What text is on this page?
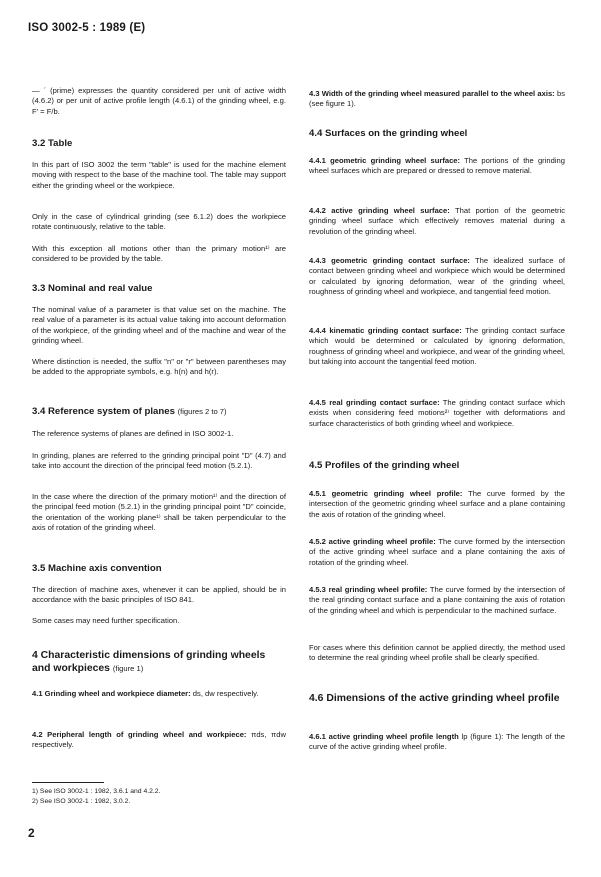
ISO 3002-5 : 1989 (E)
— ´ (prime) expresses the quantity considered per unit of active width (4.6.2) or per unit of active profile length (4.6.1) of the grinding wheel, e.g. F′ = F/b.
3.2 Table
In this part of ISO 3002 the term "table" is used for the machine element moving with respect to the base of the machine tool. The table may support either the grinding wheel or the workpiece.
Only in the case of cylindrical grinding (see 6.1.2) does the workpiece rotate continuously, relative to the table.
With this exception all motions other than the primary motion¹⁾ are considered to be provided by the table.
3.3 Nominal and real value
The nominal value of a parameter is that value set on the machine. The real value of a parameter is its actual value taking into account deformation of the workpiece, of the grinding wheel and of the machine and wear of the grinding wheel.
Where distinction is needed, the suffix "n" or "r" between parentheses may be added to the appropriate symbols, e.g. h(n) and h(r).
3.4 Reference system of planes (figures 2 to 7)
The reference systems of planes are defined in ISO 3002-1.
In grinding, planes are referred to the grinding principal point "D" (4.7) and take into account the direction of the principal feed motion (5.2.1).
In the case where the direction of the primary motion¹⁾ and the direction of the principal feed motion (5.2.1) in the grinding principal point "D" coincide, the orientation of the working plane¹⁾ shall be taken perpendicular to the axis of rotation of the grinding wheel.
3.5 Machine axis convention
The direction of machine axes, whenever it can be applied, should be in accordance with the basic principles of ISO 841.
Some cases may need further specification.
4 Characteristic dimensions of grinding wheels and workpieces (figure 1)
4.1 Grinding wheel and workpiece diameter: ds, dw respectively.
4.2 Peripheral length of grinding wheel and workpiece: πds, πdw respectively.
4.3 Width of the grinding wheel measured parallel to the wheel axis: bs (see figure 1).
4.4 Surfaces on the grinding wheel
4.4.1 geometric grinding wheel surface: The portions of the grinding wheel surfaces which are prepared or dressed to remove material.
4.4.2 active grinding wheel surface: That portion of the geometric grinding wheel surface which effectively removes material during a revolution of the grinding wheel.
4.4.3 geometric grinding contact surface: The idealized surface of contact between grinding wheel and workpiece which would be determined or calculated by ignoring deformation, wear of the grinding wheel, roughness of grinding wheel and workpiece, and tangential feed motion.
4.4.4 kinematic grinding contact surface: The grinding contact surface which would be determined or calculated by ignoring deformation, roughness of grinding wheel and workpiece, and wear of the grinding wheel, but taking into account the tangential feed motion.
4.4.5 real grinding contact surface: The grinding contact surface which exists when considering feed motions²⁾ together with deformations and surface characteristics of both grinding wheel and workpiece.
4.5 Profiles of the grinding wheel
4.5.1 geometric grinding wheel profile: The curve formed by the intersection of the geometric grinding wheel surface and a plane containing the axis of rotation of the grinding wheel.
4.5.2 active grinding wheel profile: The curve formed by the intersection of the active grinding wheel surface and a plane containing the axis of rotation of the grinding wheel.
4.5.3 real grinding wheel profile: The curve formed by the intersection of the real grinding contact surface and a plane containing the axis of rotation of the grinding wheel and which is perpendicular to the machined surface.
For cases where this definition cannot be applied directly, the method used to determine the real grinding wheel profile shall be clearly specified.
4.6 Dimensions of the active grinding wheel profile
4.6.1 active grinding wheel profile length lp (figure 1): The length of the curve of the active grinding wheel profile.
1) See ISO 3002-1 : 1982, 3.6.1 and 4.2.2.
2) See ISO 3002-1 : 1982, 3.0.2.
2
